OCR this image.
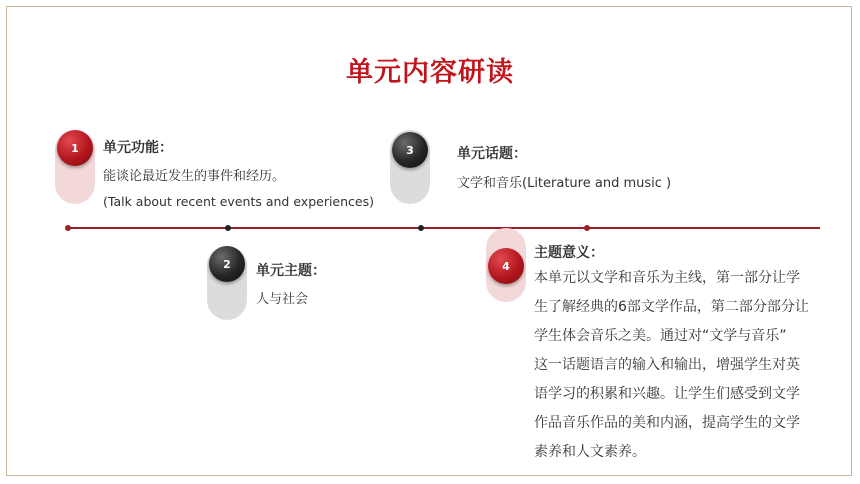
单元内容研读
1	单元功能：
能谈论最近发生的事件和经历。
(Talk about recent events and experiences)
3	单元话题：
文学和音乐(Literature and music )
2	单元主题：
人与社会
4
主题意义：
本单元以文学和音乐为主线，第一部分让学
生了解经典的6部文学作品，第二部分部分让
学生体会音乐之美。通过对“文学与音乐”
这一话题语言的输入和输出，增强学生对英
语学习的积累和兴趣。让学生们感受到文学
作品音乐作品的美和内涵，提高学生的文学
素养和人文素养。
